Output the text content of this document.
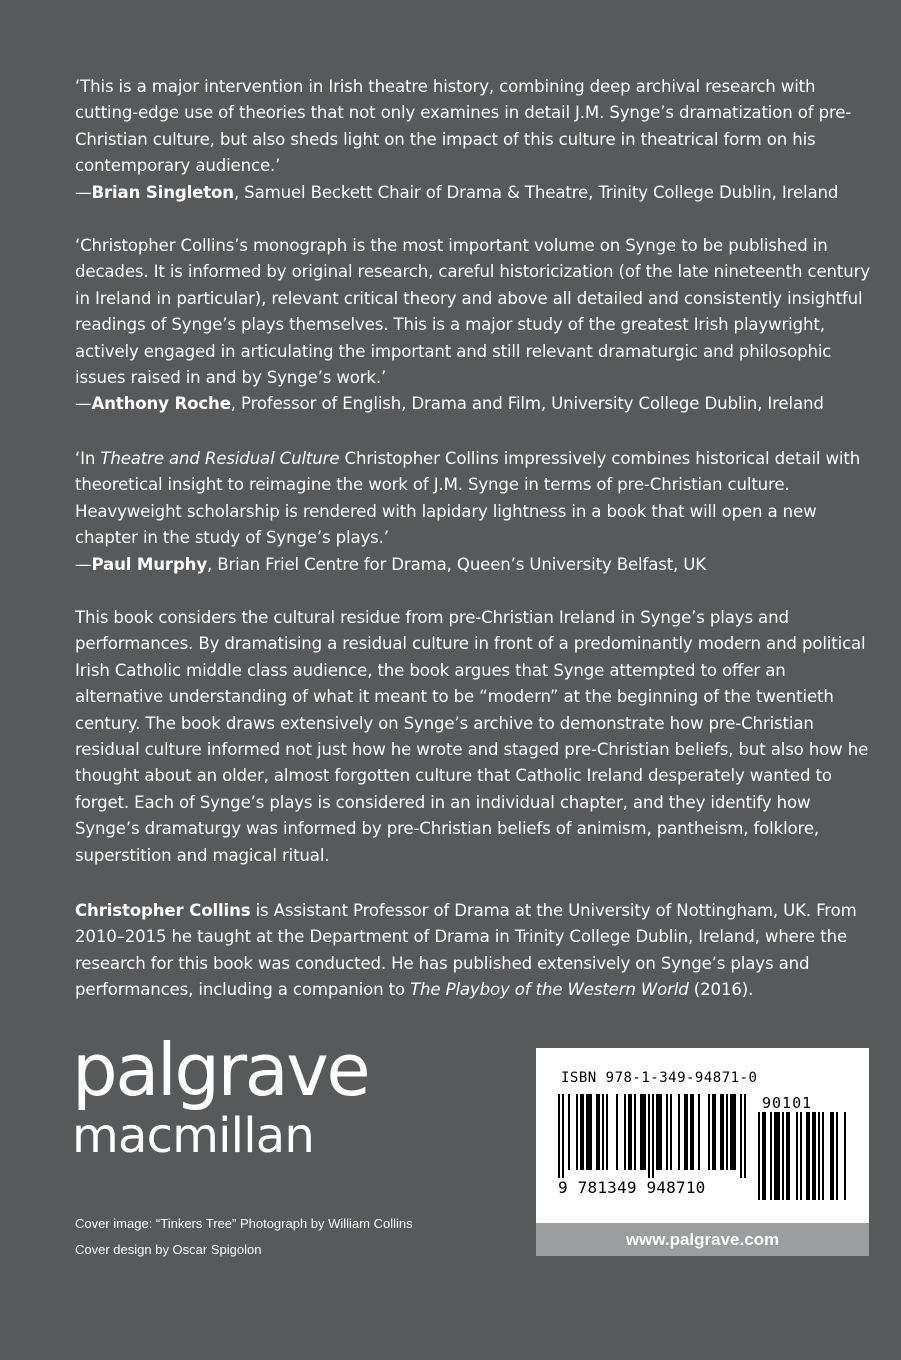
‘This is a major intervention in Irish theatre history, combining deep archival research with cutting-edge use of theories that not only examines in detail J.M. Synge’s dramatization of pre-Christian culture, but also sheds light on the impact of this culture in theatrical form on his contemporary audience.’
—Brian Singleton, Samuel Beckett Chair of Drama & Theatre, Trinity College Dublin, Ireland

‘Christopher Collins’s monograph is the most important volume on Synge to be published in decades. It is informed by original research, careful historicization (of the late nineteenth century in Ireland in particular), relevant critical theory and above all detailed and consistently insightful readings of Synge’s plays themselves. This is a major study of the greatest Irish playwright, actively engaged in articulating the important and still relevant dramaturgic and philosophic issues raised in and by Synge’s work.’
—Anthony Roche, Professor of English, Drama and Film, University College Dublin, Ireland

‘In Theatre and Residual Culture Christopher Collins impressively combines historical detail with theoretical insight to reimagine the work of J.M. Synge in terms of pre-Christian culture. Heavyweight scholarship is rendered with lapidary lightness in a book that will open a new chapter in the study of Synge’s plays.’
—Paul Murphy, Brian Friel Centre for Drama, Queen’s University Belfast, UK

This book considers the cultural residue from pre-Christian Ireland in Synge’s plays and performances. By dramatising a residual culture in front of a predominantly modern and political Irish Catholic middle class audience, the book argues that Synge attempted to offer an alternative understanding of what it meant to be “modern” at the beginning of the twentieth century. The book draws extensively on Synge’s archive to demonstrate how pre-Christian residual culture informed not just how he wrote and staged pre-Christian beliefs, but also how he thought about an older, almost forgotten culture that Catholic Ireland desperately wanted to forget. Each of Synge’s plays is considered in an individual chapter, and they identify how Synge’s dramaturgy was informed by pre-Christian beliefs of animism, pantheism, folklore, superstition and magical ritual.

Christopher Collins is Assistant Professor of Drama at the University of Nottingham, UK. From 2010–2015 he taught at the Department of Drama in Trinity College Dublin, Ireland, where the research for this book was conducted. He has published extensively on Synge’s plays and performances, including a companion to The Playboy of the Western World (2016).

palgrave

macmillan

Cover image: “Tinkers Tree” Photograph by William Collins

Cover design by Oscar Spigolon

ISBN 978-1-349-94871-0

90101

9 781349 948710

www.palgrave.com
